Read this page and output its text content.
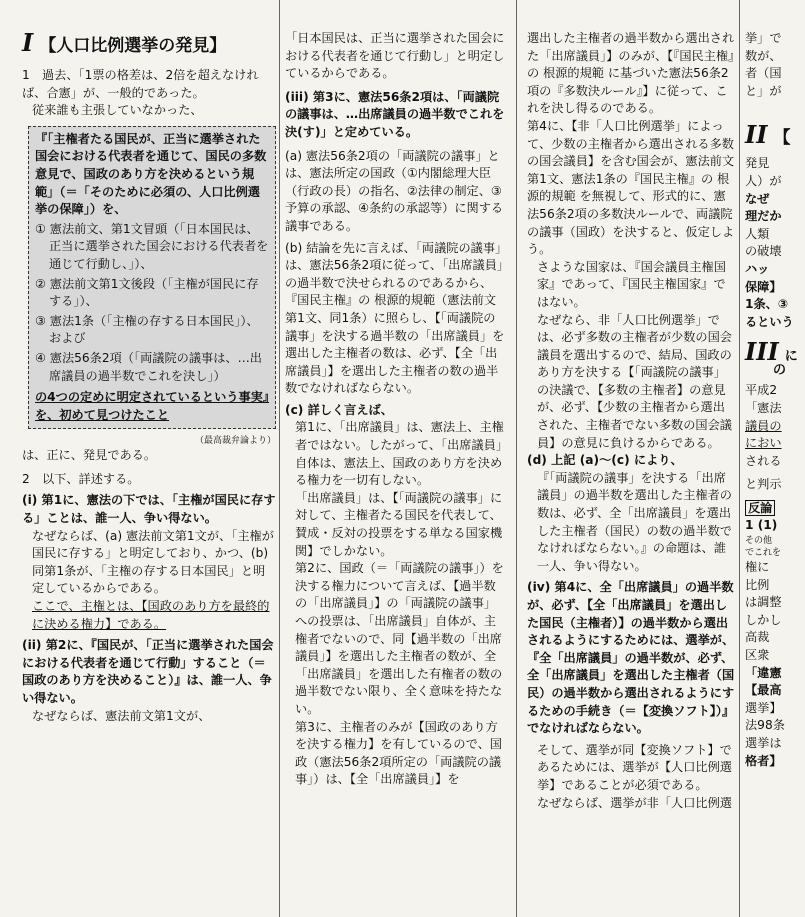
I 【人口比例選挙の発見】

1　過去、「1票の格差は、2倍を超えなければ、合憲」が、一般的であった。

従来誰も主張していなかった、

『「主権者たる国民が、正当に選挙された国会における代表者を通じて、国民の多数意見で、国政のあり方を決めるという規範」（＝「そのために必須の、人口比例選挙の保障」）を、

① 憲法前文、第1文冒頭（「日本国民は、正当に選挙された国会における代表者を通じて行動し、」）、

② 憲法前文第1文後段（「主権が国民に存する」）、

③ 憲法1条（「主権の存する日本国民」）、および

④ 憲法56条2項（「両議院の議事は、…出席議員の過半数でこれを決し」）

の4つの定めに明定されているという事実』を、初めて見つけたこと

（最高裁弁論より）

は、正に、発見である。

2　以下、詳述する。

(i) 第1に、憲法の下では、「主権が国民に存する」ことは、誰一人、争い得ない。

なぜならば、(a) 憲法前文第1文が、「主権が国民に存する」と明定しており、かつ、(b) 同第1条が、「主権の存する日本国民」と明定しているからである。

ここで、主権とは、【国政のあり方を最終的に決める権力】である。

(ii) 第2に、『国民が、「正当に選挙された国会における代表者を通じて行動」すること（＝国政のあり方を決めること）』は、誰一人、争い得ない。

なぜならば、憲法前文第1文が、

「日本国民は、正当に選挙された国会における代表者を通じて行動し」と明定しているからである。

(iii) 第3に、憲法56条2項は、「両議院の議事は、…出席議員の過半数でこれを決(す)」と定めている。

(a) 憲法56条2項の「両議院の議事」とは、憲法所定の国政（①内閣総理大臣（行政の長）の指名、②法律の制定、③予算の承認、④条約の承認等）に関する議事である。

(b) 結論を先に言えば、「両議院の議事」は、憲法56条2項に従って、「出席議員」の過半数で決せられるのであるから、『国民主権』の 根源的規範（憲法前文第1文、同1条）に照らし、【「両議院の議事」を決する過半数の「出席議員」を選出した主権者の数は、必ず、【全「出席議員」】を選出した主権者の数の過半数でなければならない。

(c) 詳しく言えば、

第1に、「出席議員」は、憲法上、主権者ではない。したがって、「出席議員」自体は、憲法上、国政のあり方を決める権力を一切有しない。

「出席議員」は、【「両議院の議事」に対して、主権者たる国民を代表して、賛成・反対の投票をする単なる国家機関】でしかない。

第2に、国政（＝「両議院の議事」）を決する権力について言えば、【過半数の「出席議員」】の「両議院の議事」への投票は、「出席議員」自体が、主権者でないので、同【過半数の「出席議員」】を選出した主権者の数が、全「出席議員」を選出した有権者の数の過半数でない限り、全く意味を持たない。

第3に、主権者のみが【国政のあり方を決する権力】を有しているので、国政（憲法56条2項所定の「両議院の議事」）は、【全「出席議員」】を

選出した主権者の過半数から選出された「出席議員」】のみが、【『国民主権』の 根源的規範 に基づいた憲法56条2項の『多数決ルール』】に従って、これを決し得るのである。

第4に、【非「人口比例選挙」によって、少数の主権者から選出される多数の国会議員】を含む国会が、憲法前文第1文、憲法1条の『国民主権』の 根源的規範 を無視して、形式的に、憲法56条2項の多数決ルールで、両議院の議事（国政）を決すると、仮定しよう。

さような国家は、『国会議員主権国家』であって、『国民主権国家』ではない。

なぜなら、非「人口比例選挙」では、必ず多数の主権者が少数の国会議員を選出するので、結局、国政のあり方を決する【「両議院の議事」の決議で、【多数の主権者】の意見が、必ず、【少数の主権者から選出された、主権者でない多数の国会議員】の意見に負けるからである。

(d) 上記 (a)～(c) により、

『「両議院の議事」を決する「出席議員」の過半数を選出した主権者の数は、必ず、全「出席議員」を選出した主権者（国民）の数の過半数でなければならない。』の命題は、誰一人、争い得ない。

(iv) 第4に、全「出席議員」の過半数が、必ず、【全「出席議員」を選出した国民（主権者）】の過半数から選出されるようにするためには、選挙が、『全「出席議員」の過半数が、必ず、全「出席議員」を選出した主権者（国民）の過半数から選出されるようにするための手続き（＝【変換ソフト】）』でなければならない。

そして、選挙が同【変換ソフト】であるためには、選挙が【人口比例選挙】であることが必須である。

なぜならば、選挙が非「人口比例選

挙」で
数が、
者（国
と」が
II 【
発見
人）が
なぜ
理だか
人類
の破壊
ハッ
保障】
1条、③
るという
III に
の
平成2
「憲法
議員の
におい
される
と判示
反論
1 (1)
その他
でこれを
権に
比例
は調整
しかし
高裁
区衆
「違憲
【最高
選挙】
法98条
選挙は
格者】
